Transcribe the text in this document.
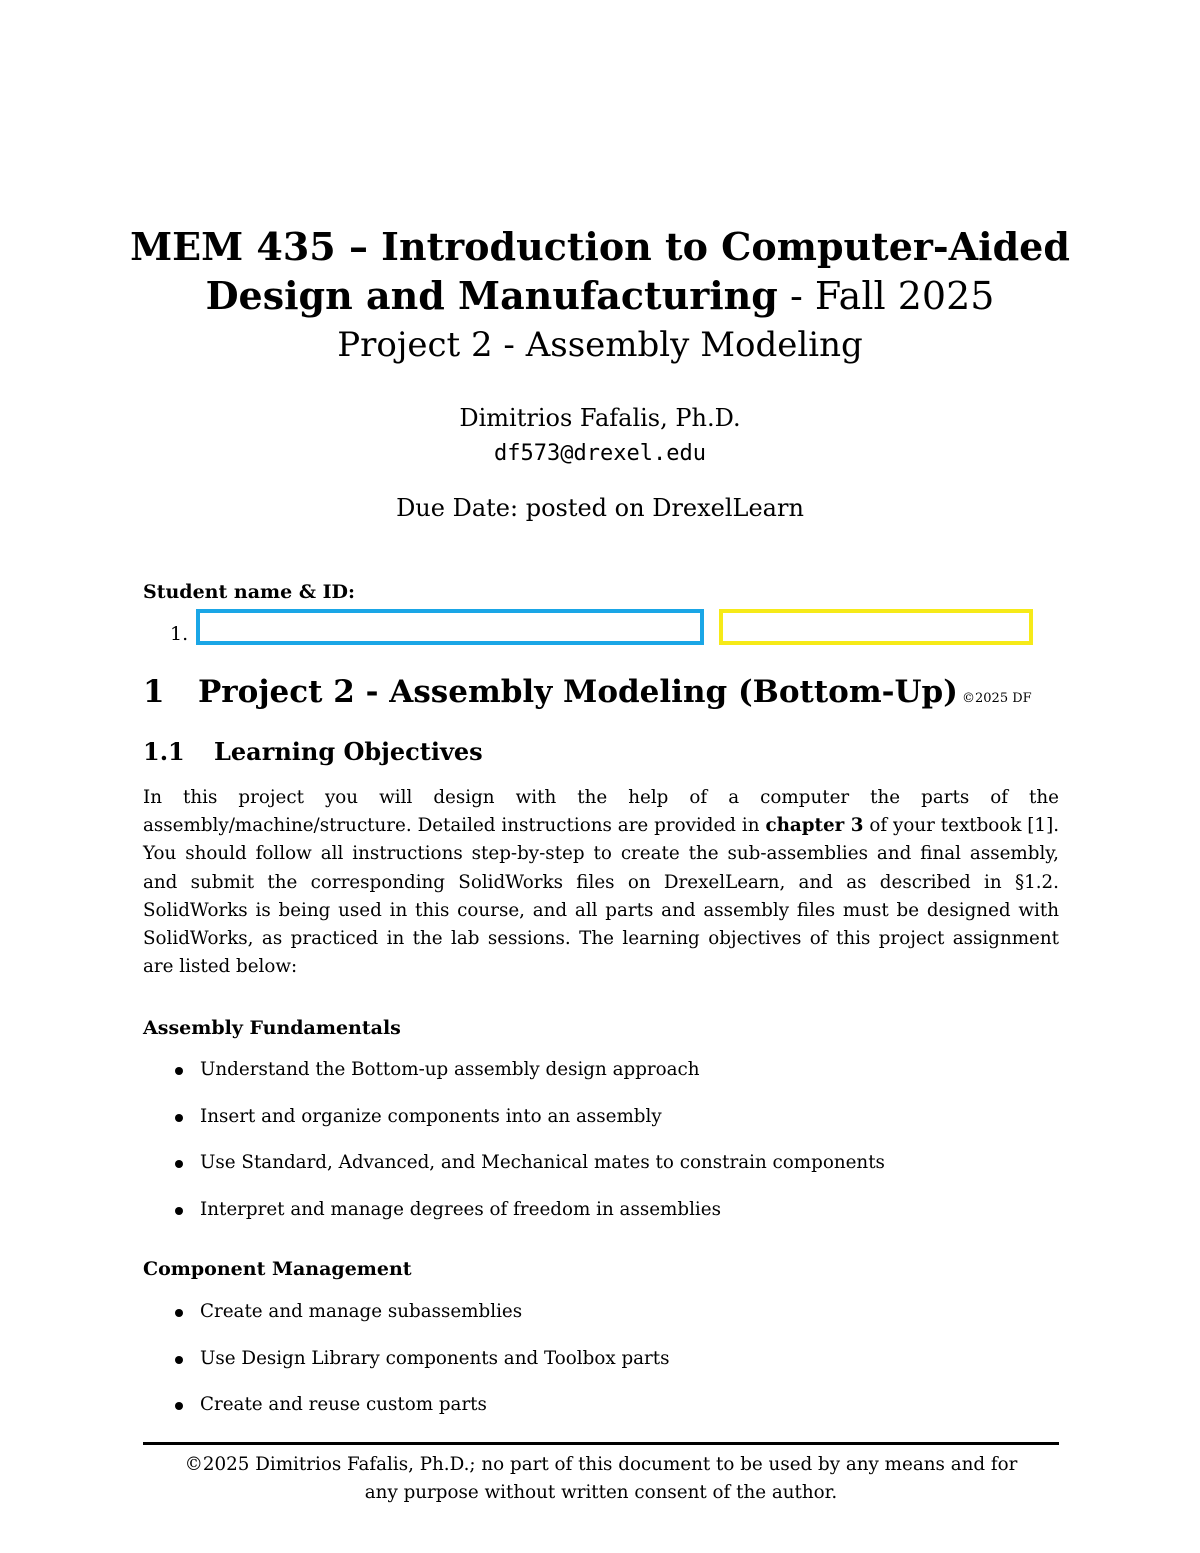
MEM 435 – Introduction to Computer-Aided
Design and Manufacturing - Fall 2025
Project 2 - Assembly Modeling
Dimitrios Fafalis, Ph.D.
df573@drexel.edu
Due Date: posted on DrexelLearn
Student name & ID:
1.
1 Project 2 - Assembly Modeling (Bottom-Up) ©2025 DF
1.1 Learning Objectives

In this project you will design with the help of a computer the parts of the assembly/machine/structure. Detailed instructions are provided in chapter 3 of your textbook [1]. You should follow all instructions step-by-step to create the sub-assemblies and final assembly, and submit the corresponding SolidWorks files on DrexelLearn, and as described in §1.2. SolidWorks is being used in this course, and all parts and assembly files must be designed with SolidWorks, as practiced in the lab sessions. The learning objectives of this project assignment are listed below:

Assembly Fundamentals
Understand the Bottom-up assembly design approach
Insert and organize components into an assembly
Use Standard, Advanced, and Mechanical mates to constrain components
Interpret and manage degrees of freedom in assemblies
Component Management
Create and manage subassemblies
Use Design Library components and Toolbox parts
Create and reuse custom parts

©2025 Dimitrios Fafalis, Ph.D.; no part of this document to be used by any means and for

any purpose without written consent of the author.
